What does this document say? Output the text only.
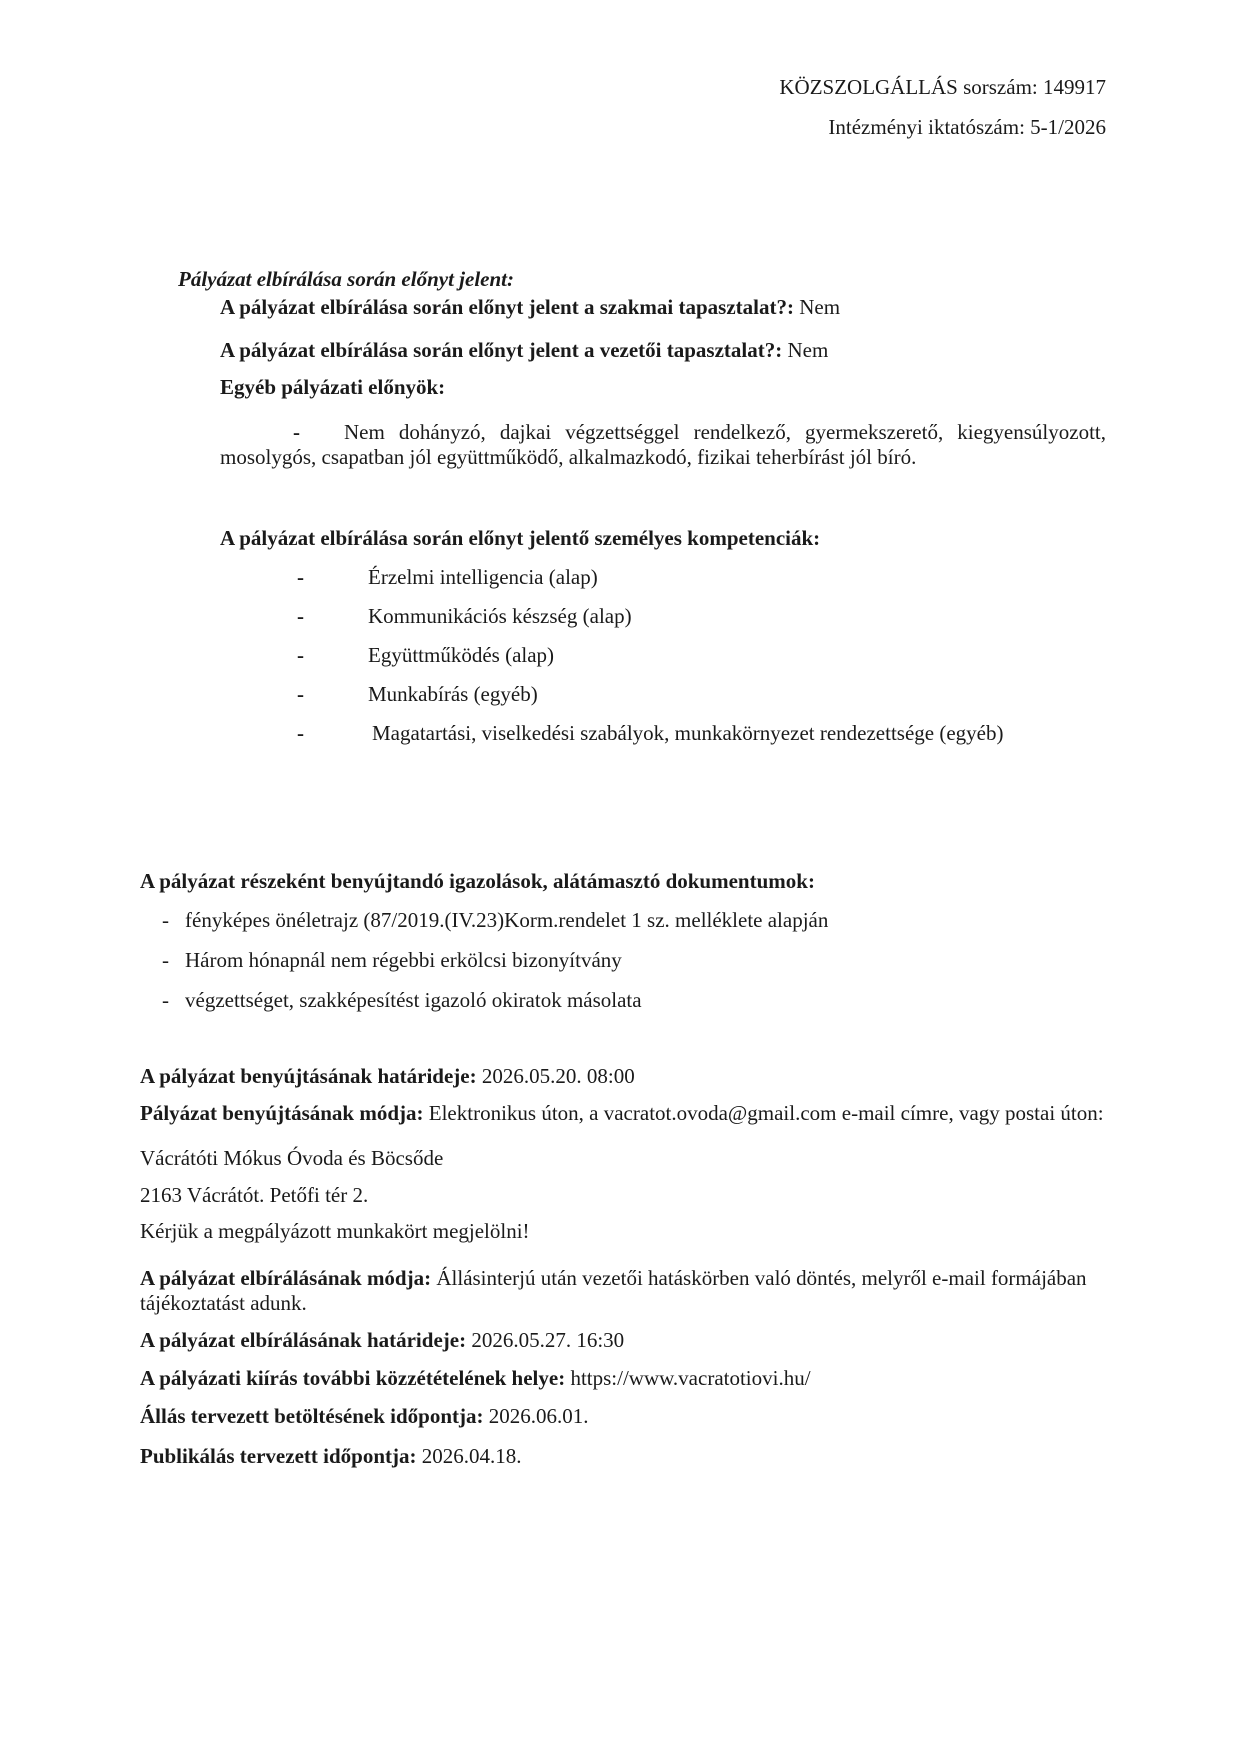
KÖZSZOLGÁLLÁS sorszám: 149917
Intézményi iktatószám: 5-1/2026

Pályázat elbírálása során előnyt jelent:

A pályázat elbírálása során előnyt jelent a szakmai tapasztalat?: Nem

A pályázat elbírálása során előnyt jelent a vezetői tapasztalat?: Nem

Egyéb pályázati előnyök:

- Nem dohányzó, dajkai végzettséggel rendelkező, gyermekszerető, kiegyensúlyozott, mosolygós, csapatban jól együttműködő, alkalmazkodó, fizikai teherbírást jól bíró.

A pályázat elbírálása során előnyt jelentő személyes kompetenciák:

-	Érzelmi intelligencia (alap)

-	Kommunikációs készség (alap)

-	Együttműködés (alap)

-	Munkabírás (egyéb)

-	Magatartási, viselkedési szabályok, munkakörnyezet rendezettsége (egyéb)

A pályázat részeként benyújtandó igazolások, alátámasztó dokumentumok:

- fényképes önéletrajz (87/2019.(IV.23)Korm.rendelet 1 sz. melléklete alapján

- Három hónapnál nem régebbi erkölcsi bizonyítvány

- végzettséget, szakképesítést igazoló okiratok másolata

A pályázat benyújtásának határideje: 2026.05.20. 08:00

Pályázat benyújtásának módja: Elektronikus úton, a vacratot.ovoda@gmail.com e-mail címre, vagy postai úton:

Vácrátóti Mókus Óvoda és Böcsőde

2163 Vácrátót. Petőfi tér 2.

Kérjük a megpályázott munkakört megjelölni!

A pályázat elbírálásának módja: Állásinterjú után vezetői hatáskörben való döntés, melyről e-mail formájában tájékoztatást adunk.

A pályázat elbírálásának határideje: 2026.05.27. 16:30

A pályázati kiírás további közzétételének helye: https://www.vacratotiovi.hu/

Állás tervezett betöltésének időpontja: 2026.06.01.

Publikálás tervezett időpontja: 2026.04.18.
